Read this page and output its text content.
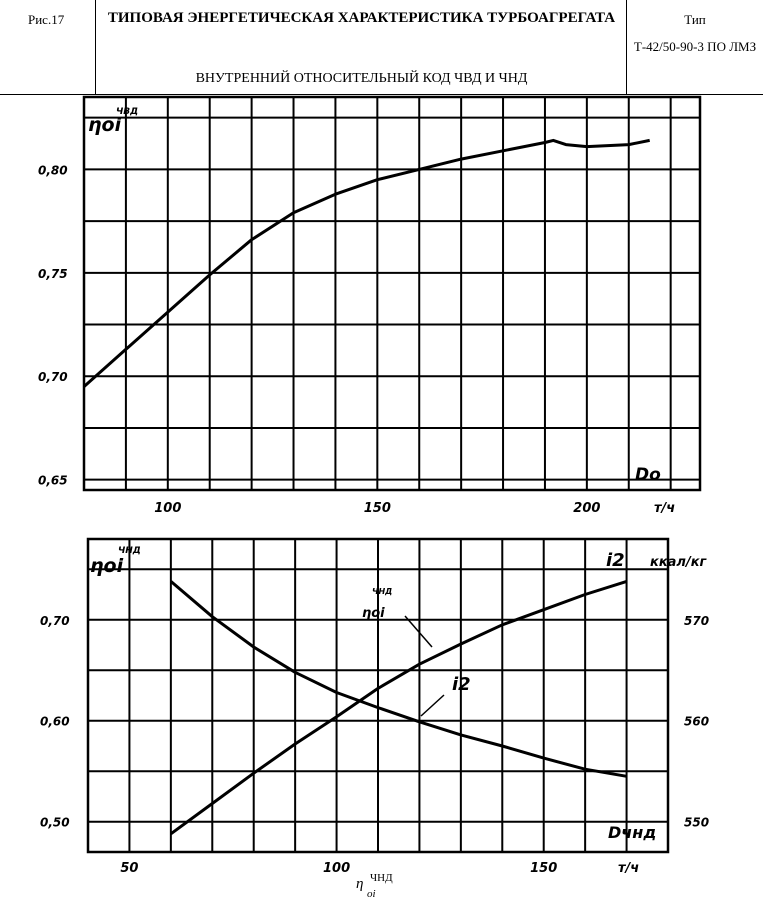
Рис.17	ТИПОВАЯ ЭНЕРГЕТИЧЕСКАЯ ХАРАКТЕРИСТИКА ТУРБОАГРЕГАТА
ВНУТРЕННИЙ ОТНОСИТЕЛЬНЫЙ КОД ЧВД И ЧНД
Тип
Т-42/50-90-3 ПО ЛМЗ
0,65
0,70
0,75
0,80
100	150	200
ƞoi
ЧВД
Dо
т/ч
0,50
0,60
0,70
550
560
570
50	100	150
ƞoi
ЧНД	i2 ккал/кг
Dчнд
т/ч
ƞoi
ЧНД
i2
η ЧНД
oi
